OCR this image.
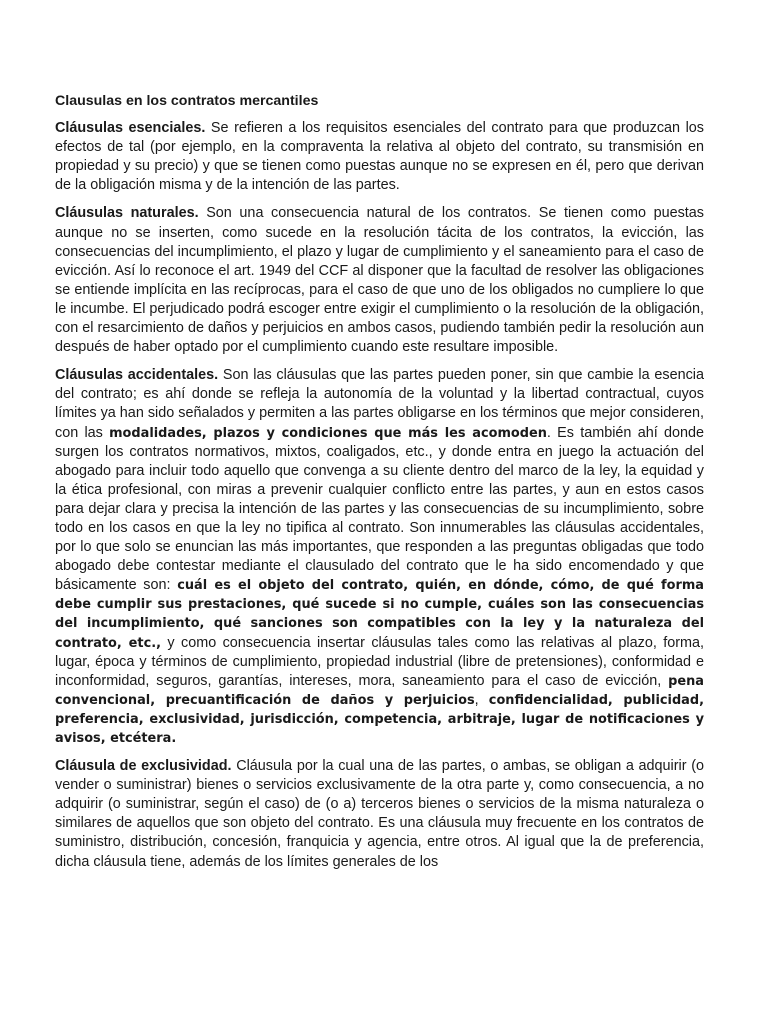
Clausulas en los contratos mercantiles

Cláusulas esenciales. Se refieren a los requisitos esenciales del contrato para que produzcan los efectos de tal (por ejemplo, en la compraventa la relativa al objeto del contrato, su transmisión en propiedad y su precio) y que se tienen como puestas aunque no se expresen en él, pero que derivan de la obligación misma y de la intención de las partes.

Cláusulas naturales. Son una consecuencia natural de los contratos. Se tienen como puestas aunque no se inserten, como sucede en la resolución tácita de los contratos, la evicción, las consecuencias del incumplimiento, el plazo y lugar de cumplimiento y el saneamiento para el caso de evicción. Así lo reconoce el art. 1949 del CCF al disponer que la facultad de resolver las obligaciones se entiende implícita en las recíprocas, para el caso de que uno de los obligados no cumpliere lo que le incumbe. El perjudicado podrá escoger entre exigir el cumplimiento o la resolución de la obligación, con el resarcimiento de daños y perjuicios en ambos casos, pudiendo también pedir la resolución aun después de haber optado por el cumplimiento cuando este resultare imposible.

Cláusulas accidentales. Son las cláusulas que las partes pueden poner, sin que cambie la esencia del contrato; es ahí donde se refleja la autonomía de la voluntad y la libertad contractual, cuyos límites ya han sido señalados y permiten a las partes obligarse en los términos que mejor consideren, con las modalidades, plazos y condiciones que más les acomoden. Es también ahí donde surgen los contratos normativos, mixtos, coaligados, etc., y donde entra en juego la actuación del abogado para incluir todo aquello que convenga a su cliente dentro del marco de la ley, la equidad y la ética profesional, con miras a prevenir cualquier conflicto entre las partes, y aun en estos casos para dejar clara y precisa la intención de las partes y las consecuencias de su incumplimiento, sobre todo en los casos en que la ley no tipifica al contrato. Son innumerables las cláusulas accidentales, por lo que solo se enuncian las más importantes, que responden a las preguntas obligadas que todo abogado debe contestar mediante el clausulado del contrato que le ha sido encomendado y que básicamente son: cuál es el objeto del contrato, quién, en dónde, cómo, de qué forma debe cumplir sus prestaciones, qué sucede si no cumple, cuáles son las consecuencias del incumplimiento, qué sanciones son compatibles con la ley y la naturaleza del contrato, etc., y como consecuencia insertar cláusulas tales como las relativas al plazo, forma, lugar, época y términos de cumplimiento, propiedad industrial (libre de pretensiones), conformidad e inconformidad, seguros, garantías, intereses, mora, saneamiento para el caso de evicción, pena convencional, precuantificación de daños y perjuicios, confidencialidad, publicidad, preferencia, exclusividad, jurisdicción, competencia, arbitraje, lugar de notificaciones y avisos, etcétera.

Cláusula de exclusividad. Cláusula por la cual una de las partes, o ambas, se obligan a adquirir (o vender o suministrar) bienes o servicios exclusivamente de la otra parte y, como consecuencia, a no adquirir (o suministrar, según el caso) de (o a) terceros bienes o servicios de la misma naturaleza o similares de aquellos que son objeto del contrato. Es una cláusula muy frecuente en los contratos de suministro, distribución, concesión, franquicia y agencia, entre otros. Al igual que la de preferencia, dicha cláusula tiene, además de los límites generales de los
